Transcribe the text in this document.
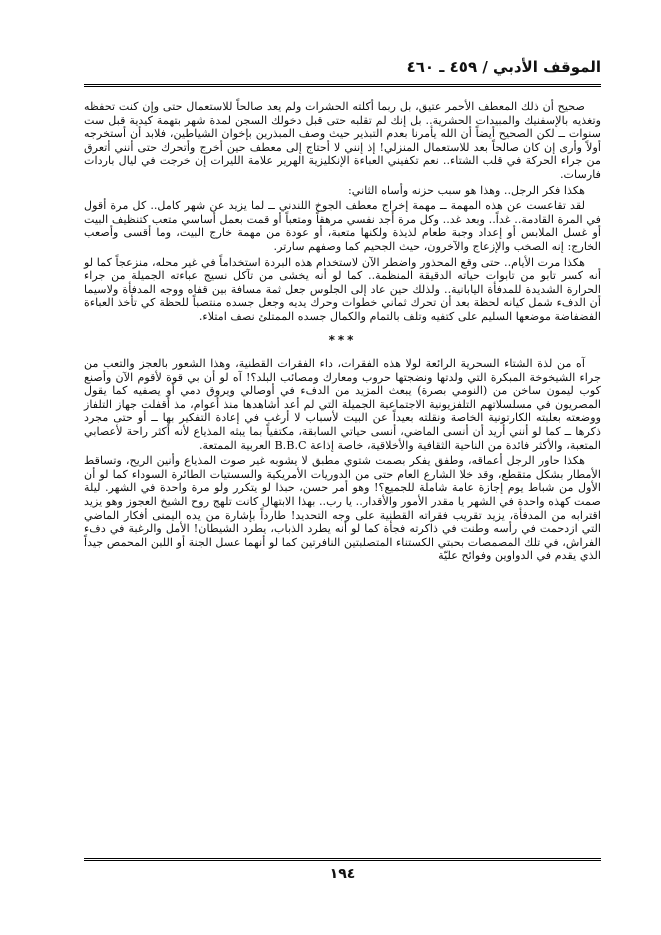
الموقف الأدبي / ٤٥٩ ـ ٤٦٠

صحيح أن ذلك المعطف الأحمر عتيق، بل ربما أكلته الحشرات ولم يعد صالحاً للاستعمال حتى وإن كنت تحفظه وتغذيه بالإسفنيك والمبيدات الحشرية.. بل إنك لم تقلبه حتى قبل دخولك السجن لمدة شهر بتهمة كيدية قبل ست سنوات ــ لكن الصحيح أيضاً أن الله يأمرنا بعدم التبذير حيث وصف المبذرين بإخوان الشياطين، فلابد أن أستخرجه أولاً وأرى إن كان صالحاً بعد للاستعمال المنزلي! إذ إنني لا أحتاج إلى معطف حين أخرج وأتحرك حتى أنني أتعرق من جراء الحركة في قلب الشتاء.. نعم تكفيني العباءة الإنكليزية الهرير علامة الليرات إن خرجت في ليال باردات فارسات.

هكذا فكر الرجل.. وهذا هو سبب حزنه وأساه الثاني:

لقد تقاعست عن هذه المهمة ــ مهمة إخراج معطف الجوخ اللندني ــ لما يزيد عن شهر كامل.. كل مرة أقول في المرة القادمة.. غداً.. وبعد غد.. وكل مرة أجد نفسي مرهقاً ومتعباً أو قمت بعمل أساسي متعب كتنظيف البيت أو غسل الملابس أو إعداد وجبة طعام لذيذة ولكنها متعبة، أو عودة من مهمة خارج البيت، وما أقسى وأصعب الخارج: إنه الصخب والإزعاج والآخرون، حيث الجحيم كما وصفهم سارتر.

هكذا مرت الأيام.. حتى وقع المحذور واضطر الآن لاستخدام هذه البردة استخداماً في غير محله، منزعجاً كما لو أنه كسر تابو من تابوات حياته الدقيقة المنظمة.. كما لو أنه يخشى من تآكل نسيج عباءته الجميلة من جراء الحرارة الشديدة للمدفأة اليابانية.. ولذلك حين عاد إلى الجلوس جعل ثمة مسافة بين قفاه ووجه المدفأة ولاسيما أن الدفء شمل كيانه لحظة بعد أن تحرك ثماني خطوات وحرك يديه وجعل جسده منتصباً للحظة كي تأخذ العباءة الفضفاضة موضعها السليم على كتفيه وتلف بالتمام والكمال جسده الممتلئ نصف امتلاء.

***

آه من لذة الشتاء السحرية الرائعة لولا هذه الفقرات، داء الفقرات القطنية، وهذا الشعور بالعجز والتعب من جراء الشيخوخة المبكرة التي ولدتها ونضجتها حروب ومعارك ومصائب البلد؟! آه لو أن بي قوة لأقوم الآن وأصنع كوب ليمون ساخن من (النومي بصرة) يبعث المزيد من الدفء في أوصالي ويروق دمي أو يصفيه كما يقول المصريون في مسلسلاتهم التلفزيونية الاجتماعية الجميلة التي لم أعد أشاهدها منذ أعوام، مذ أقفلت جهاز التلفاز ووضعته بعلبته الكارتونية الخاصة ونقلته بعيداً عن البيت لأسباب لا أرغب في إعادة التفكير بها ــ أو حتى مجرد ذكرها ــ كما لو أنني أريد أن أنسى الماضي، أنسى حياتي السابقة، مكتفياً بما يبثه المذياع لأنه أكثر راحة لأعصابي المتعبة، والأكثر فائدة من الناحية الثقافية والأخلاقية، خاصة إذاعة B.B.C العربية الممتعة.

هكذا حاور الرجل أعماقه، وطفق يفكر بصمت شتوي مطبق لا يشوبه غير صوت المذياع وأنين الريح، وتساقط الأمطار بشكل متقطع، وقد خلا الشارع العام حتى من الدوريات الأمريكية والسستيات الطائرة السوداء كما لو أن الأول من شباط يوم إجازة عامة شاملة للجميع؟! وهو أمر حسن، حبذا لو يتكرر ولو مرة واحدة في الشهر. ليلة صمت كهذه واحدة في الشهر يا مقدر الأمور والأقدار.. يا رب.. بهذا الابتهال كانت تلهج روح الشيخ العجوز وهو يزيد اقترابه من المدفأة، يزيد تقريب فقراته القطنية على وجه التحديد! طارداً بإشارة من يده اليمنى أفكار الماضي التي ازدحمت في رأسه وطنت في ذاكرته فجأة كما لو أنه يطرد الذباب، يطرد الشيطان! الأمل والرغبة في دفء الفراش، في تلك المصمصات بحبتي الكستناء المتصلبتين النافرتين كما لو أنهما عسل الجنة أو اللبن المحمص جيداً الذي يقدم في الدواوين وفوائح عليّة

١٩٤
